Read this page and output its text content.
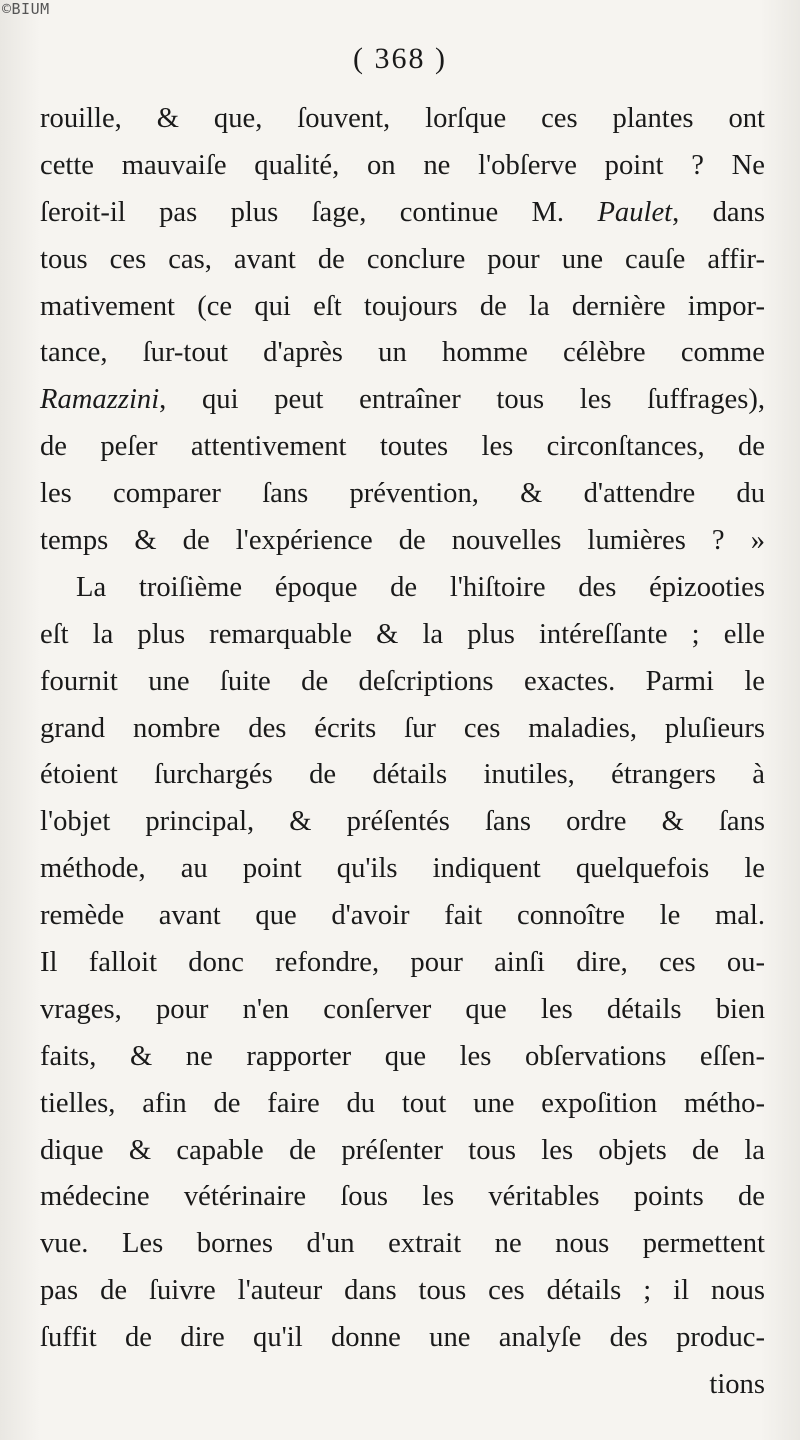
©BIUM
( 368 )
rouille, & que, ſouvent, lorſque ces plantes ont
cette mauvaiſe qualité, on ne l'obſerve point ? Ne
ſeroit-il pas plus ſage, continue M. Paulet, dans
tous ces cas, avant de conclure pour une cauſe affir-
mativement (ce qui eſt toujours de la dernière impor-
tance, ſur-tout d'après un homme célèbre comme
Ramazzini, qui peut entraîner tous les ſuffrages),
de peſer attentivement toutes les circonſtances, de
les comparer ſans prévention, & d'attendre du
temps & de l'expérience de nouvelles lumières ? »
La troiſième époque de l'hiſtoire des épizooties
eſt la plus remarquable & la plus intéreſſante ; elle
fournit une ſuite de deſcriptions exactes. Parmi le
grand nombre des écrits ſur ces maladies, pluſieurs
étoient ſurchargés de détails inutiles, étrangers à
l'objet principal, & préſentés ſans ordre & ſans
méthode, au point qu'ils indiquent quelquefois le
remède avant que d'avoir fait connoître le mal.
Il falloit donc refondre, pour ainſi dire, ces ou-
vrages, pour n'en conſerver que les détails bien
faits, & ne rapporter que les obſervations eſſen-
tielles, afin de faire du tout une expoſition métho-
dique & capable de préſenter tous les objets de la
médecine vétérinaire ſous les véritables points de
vue. Les bornes d'un extrait ne nous permettent
pas de ſuivre l'auteur dans tous ces détails ; il nous
ſuffit de dire qu'il donne une analyſe des produc-
tions
